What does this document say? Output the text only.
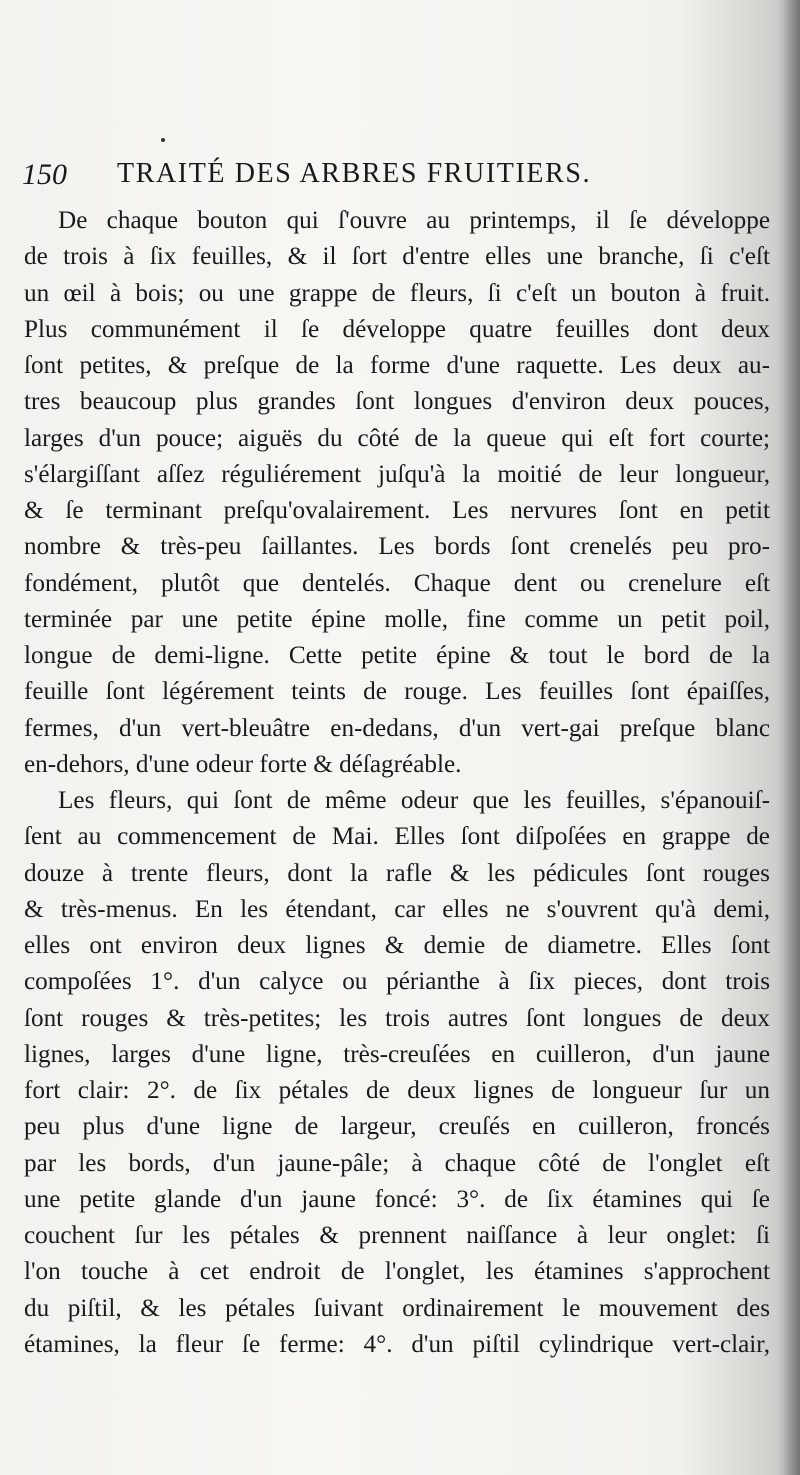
150 TRAITÉ DES ARBRES FRUITIERS.
De chaque bouton qui ſ'ouvre au printemps, il ſe développe
de trois à ſix feuilles, & il ſort d'entre elles une branche, ſi c'eſt
un œil à bois; ou une grappe de fleurs, ſi c'eſt un bouton à fruit.
Plus communément il ſe développe quatre feuilles dont deux
ſont petites, & preſque de la forme d'une raquette. Les deux au-
tres beaucoup plus grandes ſont longues d'environ deux pouces,
larges d'un pouce; aiguës du côté de la queue qui eſt fort courte;
s'élargiſſant aſſez réguliérement juſqu'à la moitié de leur longueur,
& ſe terminant preſqu'ovalairement. Les nervures ſont en petit
nombre & très-peu ſaillantes. Les bords ſont crenelés peu pro-
fondément, plutôt que dentelés. Chaque dent ou crenelure eſt
terminée par une petite épine molle, fine comme un petit poil,
longue de demi-ligne. Cette petite épine & tout le bord de la
feuille ſont légérement teints de rouge. Les feuilles ſont épaiſſes,
fermes, d'un vert-bleuâtre en-dedans, d'un vert-gai preſque blanc
en-dehors, d'une odeur forte & déſagréable.
Les fleurs, qui ſont de même odeur que les feuilles, s'épanouiſ-
ſent au commencement de Mai. Elles ſont diſpoſées en grappe de
douze à trente fleurs, dont la rafle & les pédicules ſont rouges
& très-menus. En les étendant, car elles ne s'ouvrent qu'à demi,
elles ont environ deux lignes & demie de diametre. Elles ſont
compoſées 1°. d'un calyce ou périanthe à ſix pieces, dont trois
ſont rouges & très-petites; les trois autres ſont longues de deux
lignes, larges d'une ligne, très-creuſées en cuilleron, d'un jaune
fort clair: 2°. de ſix pétales de deux lignes de longueur ſur un
peu plus d'une ligne de largeur, creuſés en cuilleron, froncés
par les bords, d'un jaune-pâle; à chaque côté de l'onglet eſt
une petite glande d'un jaune foncé: 3°. de ſix étamines qui ſe
couchent ſur les pétales & prennent naiſſance à leur onglet: ſi
l'on touche à cet endroit de l'onglet, les étamines s'approchent
du piſtil, & les pétales ſuivant ordinairement le mouvement des
étamines, la fleur ſe ferme: 4°. d'un piſtil cylindrique vert-clair,
